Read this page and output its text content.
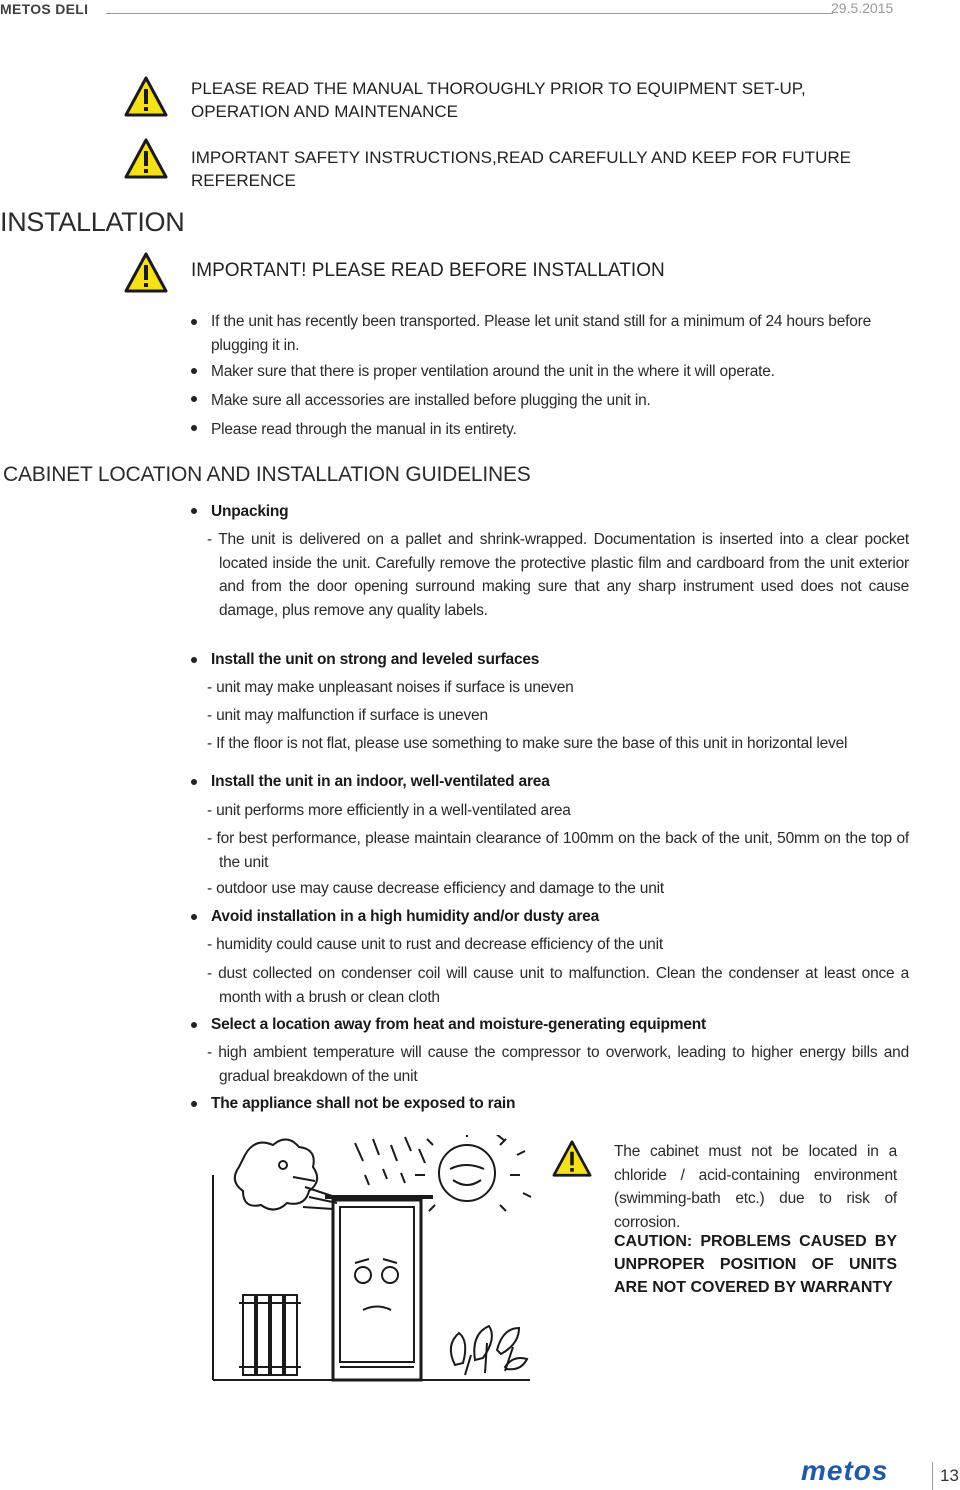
METOS DELI	29.5.2015
PLEASE READ THE MANUAL THOROUGHLY PRIOR TO EQUIPMENT SET-UP, OPERATION AND MAINTENANCE
IMPORTANT SAFETY INSTRUCTIONS,READ CAREFULLY AND KEEP FOR FUTURE REFERENCE
INSTALLATION
IMPORTANT! PLEASE READ BEFORE INSTALLATION
If the unit has recently been transported. Please let unit stand still for a minimum of 24 hours before plugging it in.
Maker sure that there is proper ventilation around the unit in the where it will operate.
Make sure all accessories are installed before plugging the unit in.
Please read through the manual in its entirety.
CABINET LOCATION AND INSTALLATION GUIDELINES
Unpacking
- The unit is delivered on a pallet and shrink-wrapped. Documentation is inserted into a clear pocket located inside the unit. Carefully remove the protective plastic film and cardboard from the unit exterior and from the door opening surround making sure that any sharp instrument used does not cause damage, plus remove any quality labels.
Install the unit on strong and leveled surfaces
- unit may make unpleasant noises if surface is uneven
- unit may malfunction if surface is uneven
- If the floor is not flat, please use something to make sure the base of this unit in horizontal level
Install the unit in an indoor, well-ventilated area
- unit performs more efficiently in a well-ventilated area
- for best performance, please maintain clearance of 100mm on the back of the unit, 50mm on the top of the unit
- outdoor use may cause decrease efficiency and damage to the unit
Avoid installation in a high humidity and/or dusty area
- humidity could cause unit to rust and decrease efficiency of the unit
- dust collected on condenser coil will cause unit to malfunction. Clean the condenser at least once a month with a brush or clean cloth
Select a location away from heat and moisture-generating equipment
- high ambient temperature will cause the compressor to overwork, leading to higher energy bills and gradual breakdown of the unit
The appliance shall not be exposed to rain
The cabinet must not be located in a chloride / acid-containing environment (swimming-bath etc.) due to risk of corrosion.
CAUTION: PROBLEMS CAUSED BY UNPROPER POSITION OF UNITS ARE NOT COVERED BY WARRANTY
metos	13
